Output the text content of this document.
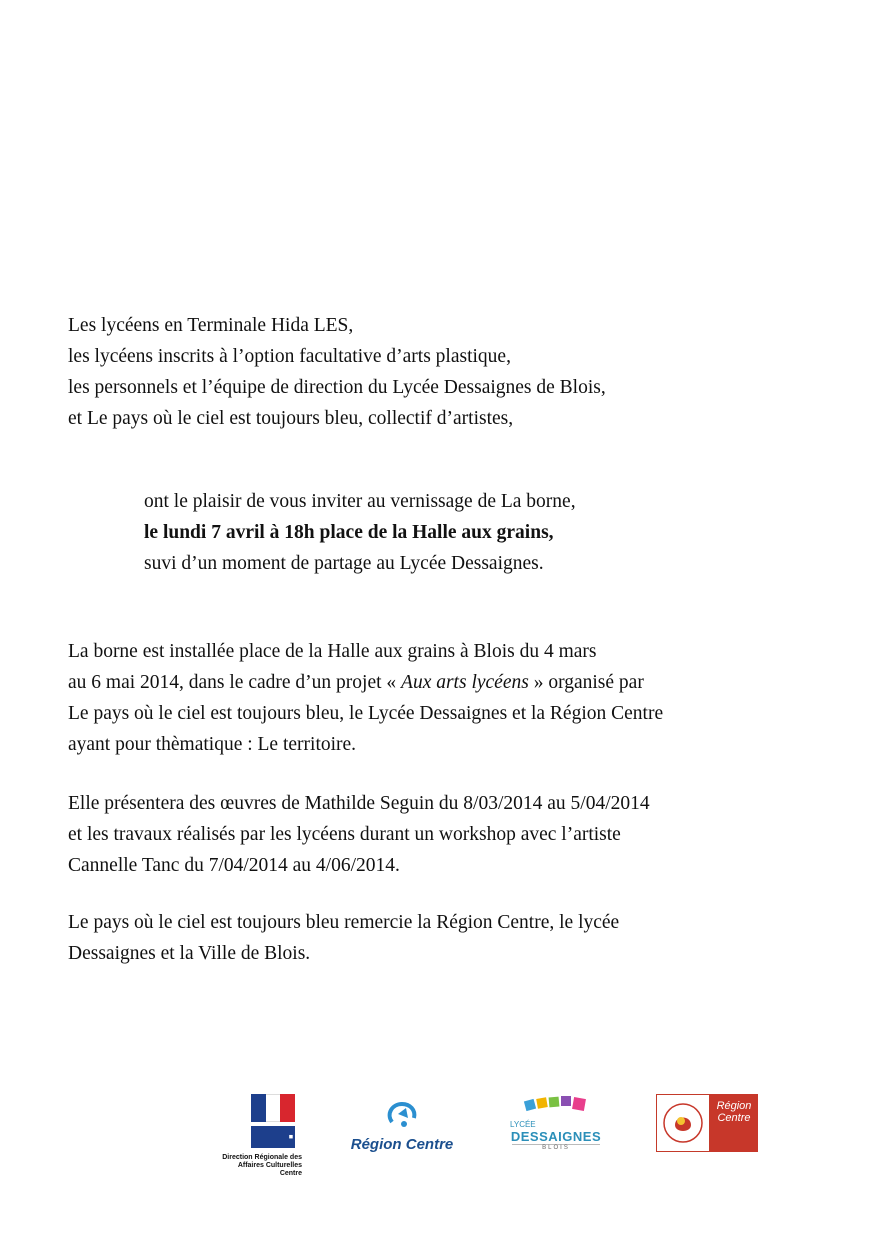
Les lycéens en Terminale Hida LES,

les lycéens inscrits à l’option facultative d’arts plastique,

les personnels et l’équipe de direction du Lycée Dessaignes de Blois,

et Le pays où le ciel est toujours bleu, collectif d’artistes,

ont le plaisir de vous inviter au vernissage de La borne,

le lundi 7 avril à 18h place de la Halle aux grains,

suvi d’un moment de partage au Lycée Dessaignes.

La borne est installée place de la Halle aux grains à Blois du 4 mars

au 6 mai 2014, dans le cadre d’un projet « Aux arts lycéens » organisé par

Le pays où le ciel est toujours bleu, le Lycée Dessaignes et la Région Centre

ayant pour thèmatique : Le territoire.

Elle présentera des œuvres de Mathilde Seguin du 8/03/2014 au 5/04/2014

et les travaux réalisés par les lycéens durant un workshop avec l’artiste

Cannelle Tanc du 7/04/2014 au 4/06/2014.

Le pays où le ciel est toujours bleu remercie la Région Centre, le lycée

Dessaignes et la Ville de Blois.

◼
Direction Régionale des Affaires Culturelles Centre
Région Centre
LYCÉE
DESSAIGNES
BLOIS
Région Centre
